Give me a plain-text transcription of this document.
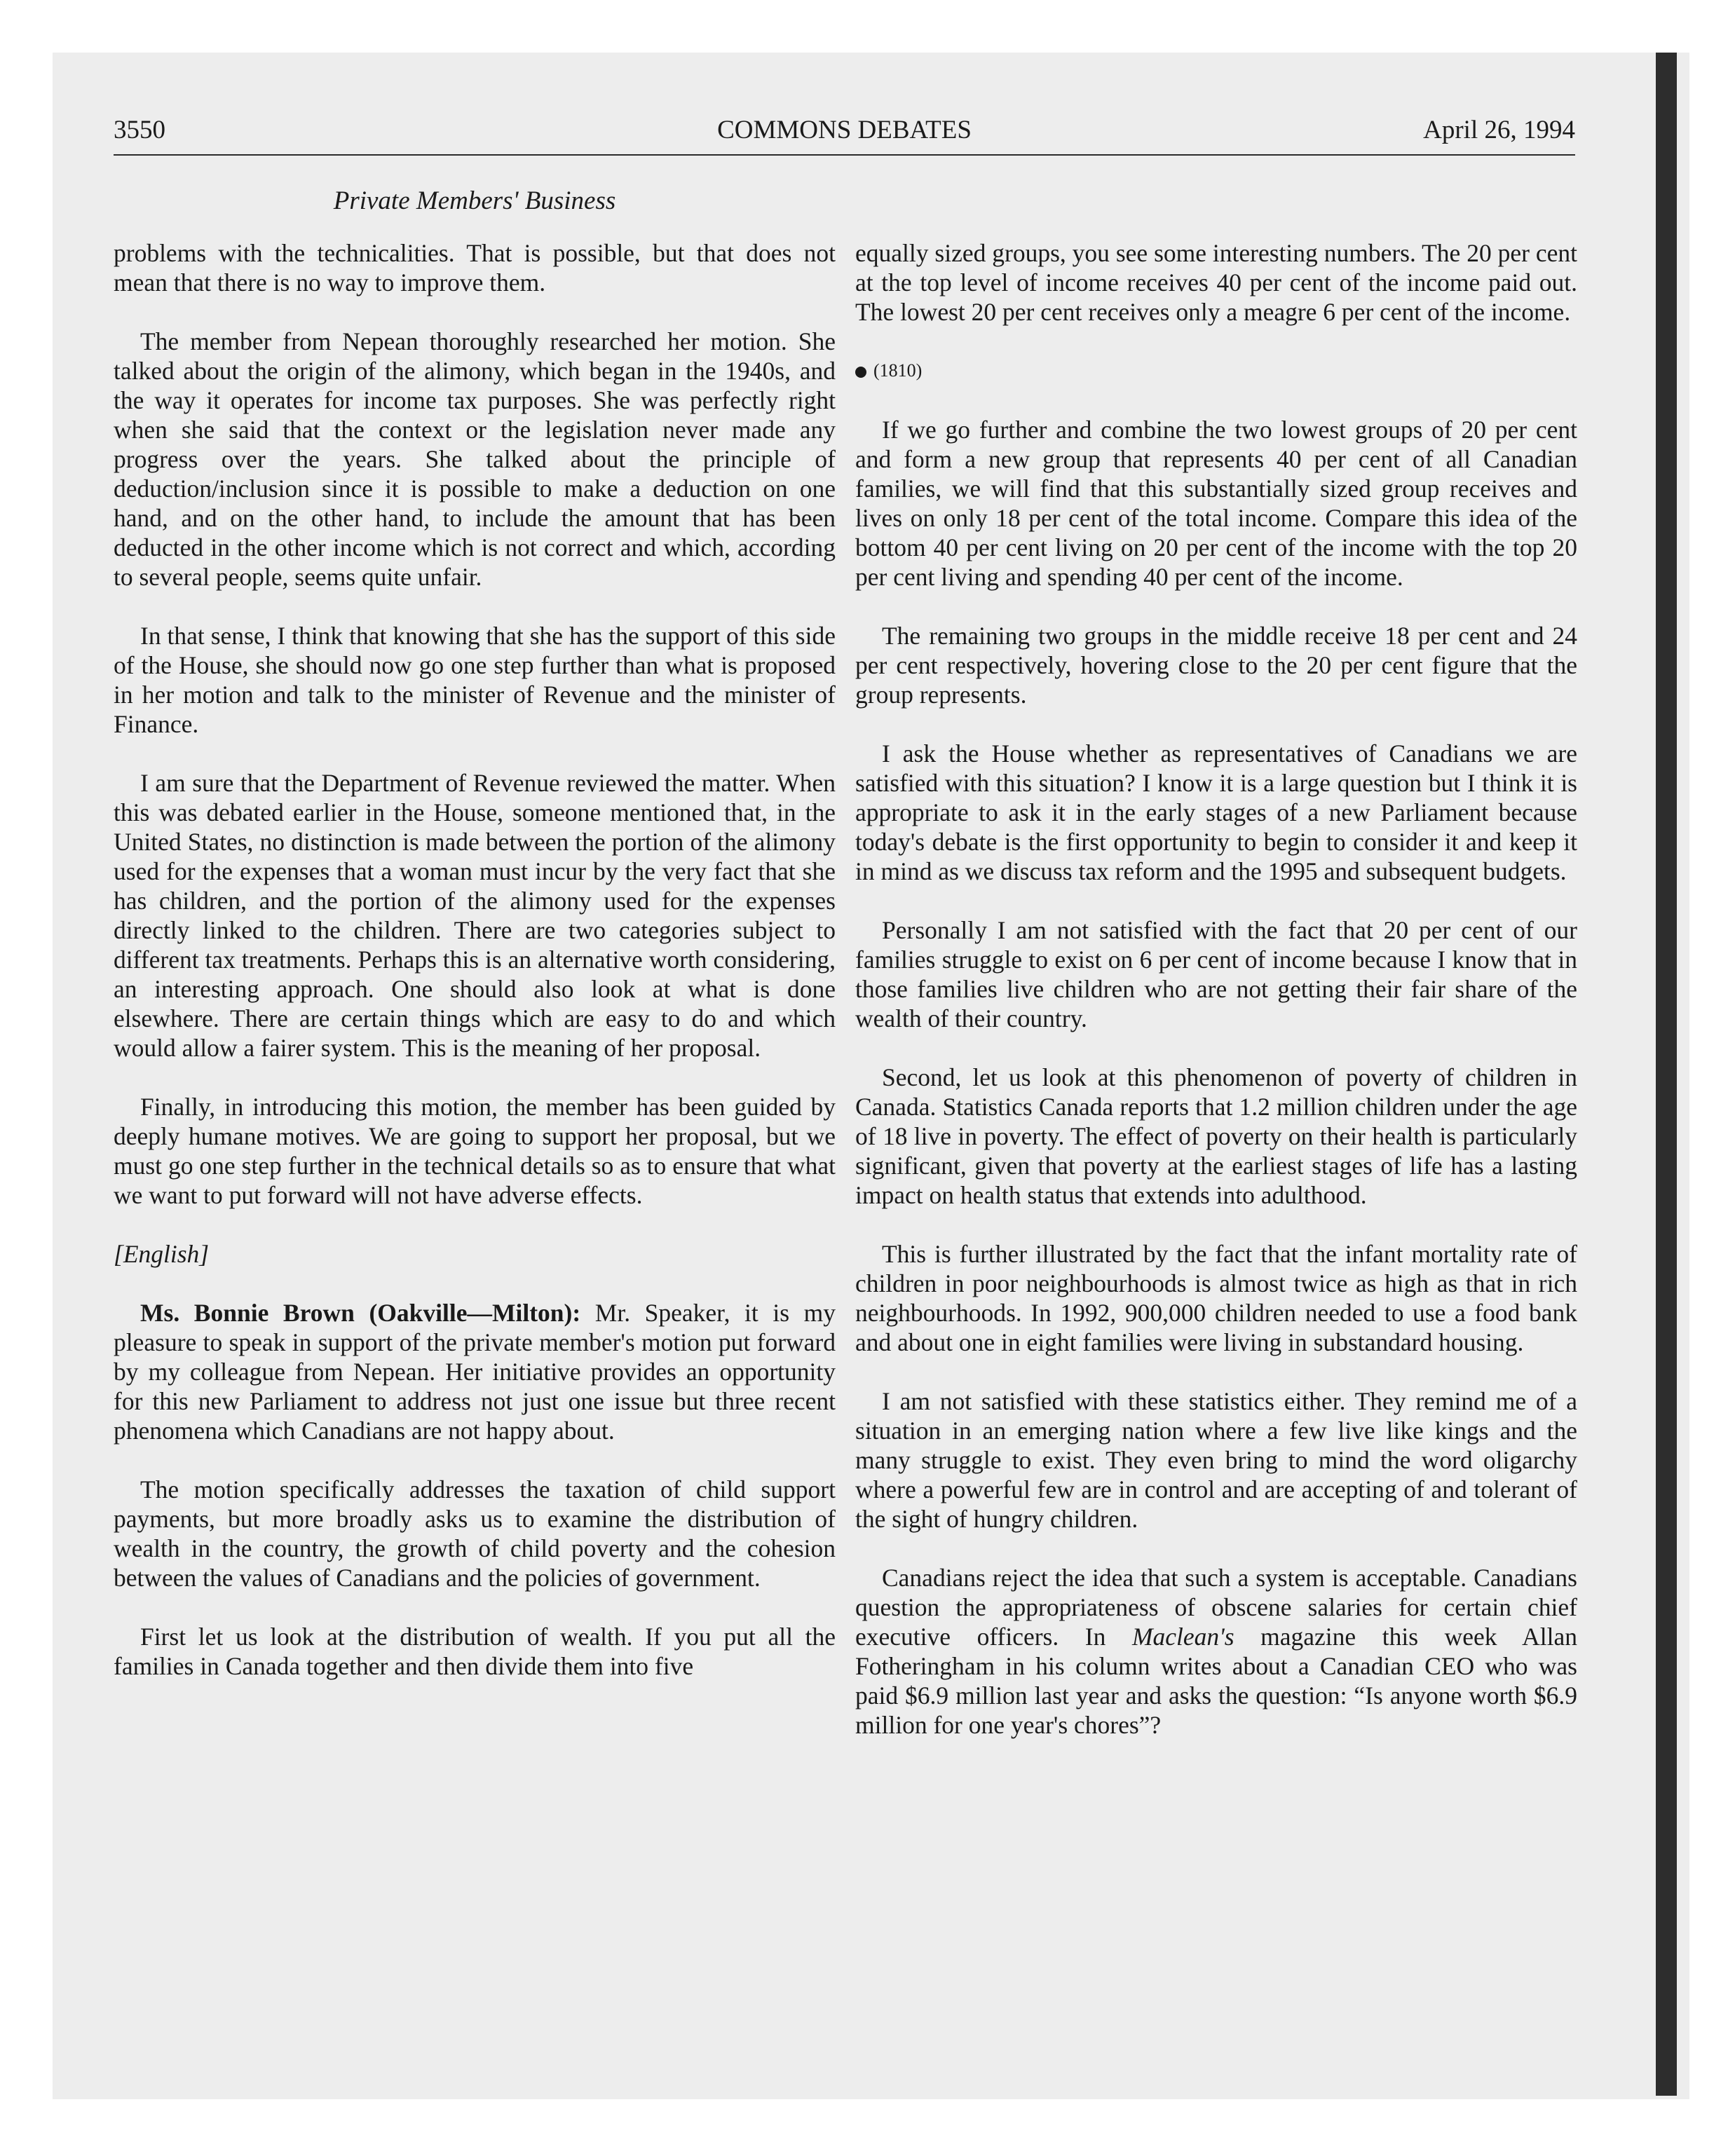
3550	COMMONS DEBATES	April 26, 1994
Private Members' Business

problems with the technicalities. That is possible, but that does not mean that there is no way to improve them.

The member from Nepean thoroughly researched her motion. She talked about the origin of the alimony, which began in the 1940s, and the way it operates for income tax purposes. She was perfectly right when she said that the context or the legislation never made any progress over the years. She talked about the principle of deduction/inclusion since it is possible to make a deduction on one hand, and on the other hand, to include the amount that has been deducted in the other income which is not correct and which, according to several people, seems quite unfair.

In that sense, I think that knowing that she has the support of this side of the House, she should now go one step further than what is proposed in her motion and talk to the minister of Revenue and the minister of Finance.

I am sure that the Department of Revenue reviewed the matter. When this was debated earlier in the House, someone mentioned that, in the United States, no distinction is made between the portion of the alimony used for the expenses that a woman must incur by the very fact that she has children, and the portion of the alimony used for the expenses directly linked to the children. There are two categories subject to different tax treatments. Perhaps this is an alternative worth considering, an interesting approach. One should also look at what is done elsewhere. There are certain things which are easy to do and which would allow a fairer system. This is the meaning of her proposal.

Finally, in introducing this motion, the member has been guided by deeply humane motives. We are going to support her proposal, but we must go one step further in the technical details so as to ensure that what we want to put forward will not have adverse effects.

[English]

Ms. Bonnie Brown (Oakville—Milton): Mr. Speaker, it is my pleasure to speak in support of the private member's motion put forward by my colleague from Nepean. Her initiative provides an opportunity for this new Parliament to address not just one issue but three recent phenomena which Canadians are not happy about.

The motion specifically addresses the taxation of child support payments, but more broadly asks us to examine the distribution of wealth in the country, the growth of child poverty and the cohesion between the values of Canadians and the policies of government.

First let us look at the distribution of wealth. If you put all the families in Canada together and then divide them into five

equally sized groups, you see some interesting numbers. The 20 per cent at the top level of income receives 40 per cent of the income paid out. The lowest 20 per cent receives only a meagre 6 per cent of the income.

(1810)

If we go further and combine the two lowest groups of 20 per cent and form a new group that represents 40 per cent of all Canadian families, we will find that this substantially sized group receives and lives on only 18 per cent of the total income. Compare this idea of the bottom 40 per cent living on 20 per cent of the income with the top 20 per cent living and spending 40 per cent of the income.

The remaining two groups in the middle receive 18 per cent and 24 per cent respectively, hovering close to the 20 per cent figure that the group represents.

I ask the House whether as representatives of Canadians we are satisfied with this situation? I know it is a large question but I think it is appropriate to ask it in the early stages of a new Parliament because today's debate is the first opportunity to begin to consider it and keep it in mind as we discuss tax reform and the 1995 and subsequent budgets.

Personally I am not satisfied with the fact that 20 per cent of our families struggle to exist on 6 per cent of income because I know that in those families live children who are not getting their fair share of the wealth of their country.

Second, let us look at this phenomenon of poverty of children in Canada. Statistics Canada reports that 1.2 million children under the age of 18 live in poverty. The effect of poverty on their health is particularly significant, given that poverty at the earliest stages of life has a lasting impact on health status that extends into adulthood.

This is further illustrated by the fact that the infant mortality rate of children in poor neighbourhoods is almost twice as high as that in rich neighbourhoods. In 1992, 900,000 children needed to use a food bank and about one in eight families were living in substandard housing.

I am not satisfied with these statistics either. They remind me of a situation in an emerging nation where a few live like kings and the many struggle to exist. They even bring to mind the word oligarchy where a powerful few are in control and are accepting of and tolerant of the sight of hungry children.

Canadians reject the idea that such a system is acceptable. Canadians question the appropriateness of obscene salaries for certain chief executive officers. In Maclean's magazine this week Allan Fotheringham in his column writes about a Canadian CEO who was paid $6.9 million last year and asks the question: “Is anyone worth $6.9 million for one year's chores”?
